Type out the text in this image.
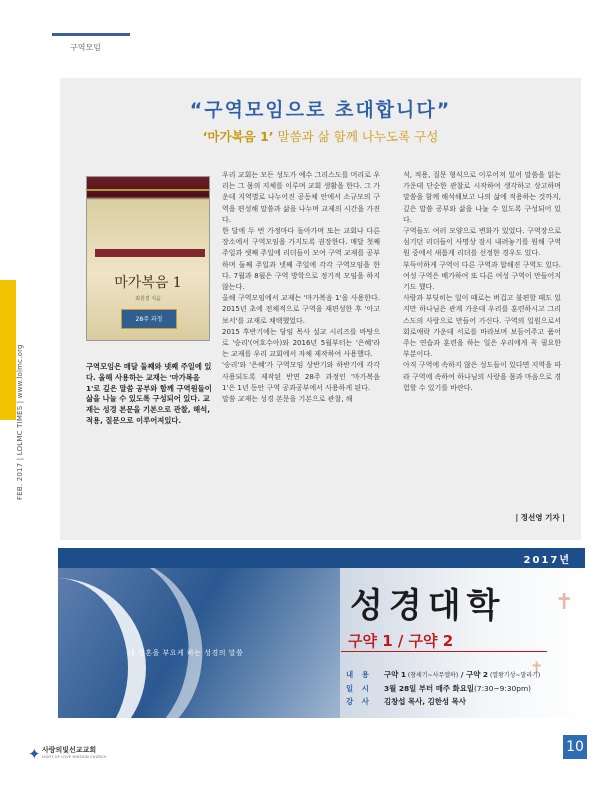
구역모임
FEB. 2017 | LOLMC TIMES | www.lolmc.org
“구역모임으로 초대합니다”
‘마가복음 1’ 말씀과 삶 함께 나누도록 구성
마가복음 1
최원경 지음
28주 과정
구역모임은 매달 둘째와 넷째 주일에 있다. 올해 사용하는 교재는 '마가복음 1'로 깊은 말씀 공부와 함께 구역원들이 삶을 나눌 수 있도록 구성되어 있다. 교재는 성경 본문을 기본으로 관찰, 해석, 적용, 질문으로 이루어져있다.

우리 교회는 모든 성도가 예수 그리스도를 머리로 우리는 그 몸의 지체를 이루며 교회 생활을 한다. 그 가운데 지역별로 나누어진 공동체 안에서 소규모의 구역을 편성해 말씀과 삶을 나누며 교제의 시간을 가진다.

한 달에 두 번 가정마다 돌아가며 또는 교회나 다른 장소에서 구역모임을 가지도록 권장한다. 매달 첫째 주일과 셋째 주일에 리더들이 모여 구역 교재를 공부하며 둘째 주일과 넷째 주일에 각각 구역모임을 한다. 7월과 8월은 구역 방학으로 정기적 모임을 하지 않는다.

올해 구역모임에서 교재는 '마가복음 1'을 사용한다. 2015년 초에 전체적으로 구역을 재편성한 후 '아고보서'를 교재로 채택했었다.

2015 후반기에는 담임 목사 설교 시리즈를 바탕으로 '승리'(여호수아)와 2016년 5월부터는 '은혜'라는 교재를 우리 교회에서 자체 제작하여 사용했다.

'승리'와 '은혜'가 구역모임 상반기와 하반기에 각각 사용되도록 제작된 반면 28주 과정인 '마가복음 1'은 1년 동안 구역 공과공부에서 사용하게 된다.

말씀 교재는 성경 본문을 기본으로 관찰, 해

석, 적용, 질문 형식으로 이루어져 있어 말씀을 읽는 가운데 단순한 관찰로 시작하여 생각하고 상고하며 말씀을 함께 해석해보고 나의 삶에 적용하는 것까지, 깊은 말씀 공부와 삶을 나눌 수 있도록 구성되어 있다.

구역들도 여러 모양으로 변화가 있었다. 구역장으로 섬기던 리더들이 사명상 잠시 내려놓기를 원해 구역원 중에서 새롭게 리더를 선정한 경우도 있다.

부득이하게 구역이 다른 구역과 합해진 구역도 있다. 여성 구역은 베가하여 또 다른 여성 구역이 만들어지기도 했다.

사람과 부딪히는 일이 때로는 버겁고 불편할 때도 있지만 하나님은 관계 가운데 우리를 훈련하시고 그리스도의 사랑으로 만들어 가신다. 구역의 일원으로서 회로애락 가운데 서로를 바라보며 보듬어주고 품어주는 연습과 훈련을 하는 일은 우리에게 꼭 필요한 부분이다.

아직 구역에 속하지 않은 성도들이 있다면 지역을 따라 구역에 속하여 하나님의 사랑을 몸과 마음으로 경험할 수 있기를 바란다.

| 정선영 기자 |
2017년
내 영혼을 부요케 하는 성경의 말씀
✝
✝
성경대학
구약 1 / 구약 2
내 용 구약 1 (창세기~사무엘하) / 구약 2 (열왕기상~말라기)
일 시 3월 28일 부터 매주 화요일(7:30~9:30pm)
강 사 김창섭 목사, 김한성 목사
✦ 사랑의빛선교교회
LIGHT OF LOVE MISSION CHURCH
10
